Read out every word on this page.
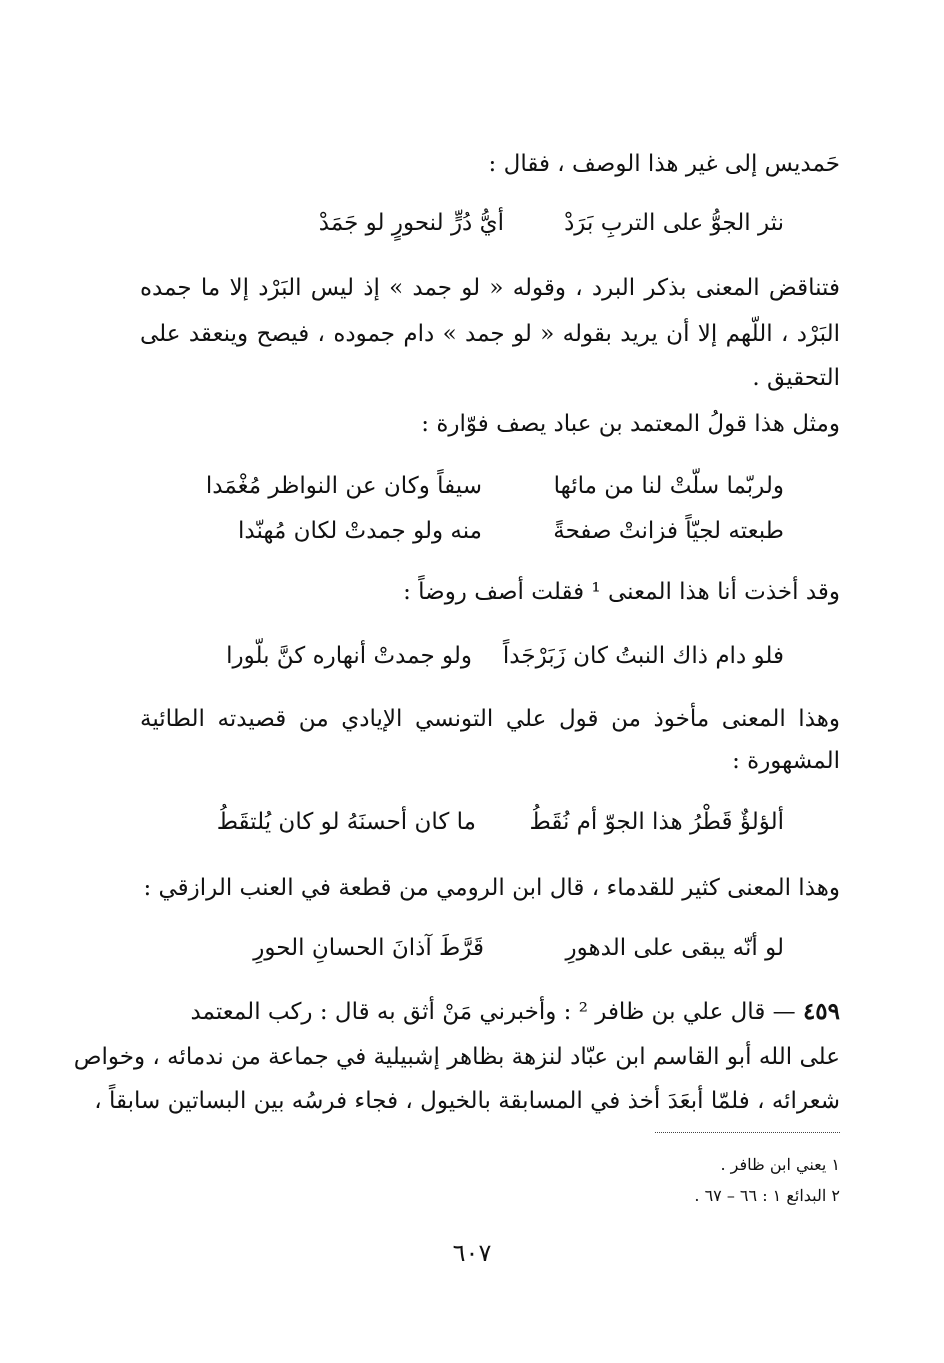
حَمديس إلى غير هذا الوصف ، فقال :
نثر الجوُّ على التربِ بَرَدْ
أيُّ دُرٍّ لنحورٍ لو جَمَدْ
فتناقض المعنى بذكر البرد ، وقوله « لو جمد » إذ ليس البَرْد إلا ما جمده
البَرْد ، اللّهم إلا أن يريد بقوله « لو جمد » دام جموده ، فيصح وينعقد على
التحقيق .
ومثل هذا قولُ المعتمد بن عباد يصف فوّارة :
ولربّما سلّتْ لنا من مائها
سيفاً وكان عن النواظر مُغْمَدا
طبعته لجيّاً فزانتْ صفحةً
منه ولو جمدتْ لكان مُهنّدا
وقد أخذت أنا هذا المعنى ¹ فقلت أصف روضاً :
فلو دام ذاك النبتُ كان زَبَرْجَداً
ولو جمدتْ أنهاره كنَّ بلّورا
وهذا المعنى مأخوذ من قول علي التونسي الإيادي من قصيدته الطائية
المشهورة :
ألؤلؤٌ قَطْرُ هذا الجوّ أم نُقَطُ
ما كان أحسنَهُ لو كان يُلتقَطُ
وهذا المعنى كثير للقدماء ، قال ابن الرومي من قطعة في العنب الرازقي :
لو أنّه يبقى على الدهورِ
قَرَّطَ آذانَ الحسانِ الحورِ
٤٥٩ — قال علي بن ظافر ² : وأخبرني مَنْ أثق به قال : ركب المعتمد
على الله أبو القاسم ابن عبّاد لنزهة بظاهر إشبيلية في جماعة من ندمائه ، وخواص
شعرائه ، فلمّا أبعَدَ أخذ في المسابقة بالخيول ، فجاء فرسُه بين البساتين سابقاً ،
١ يعني ابن ظافر .
٢ البدائع ١ : ٦٦ – ٦٧ .
٦٠٧
